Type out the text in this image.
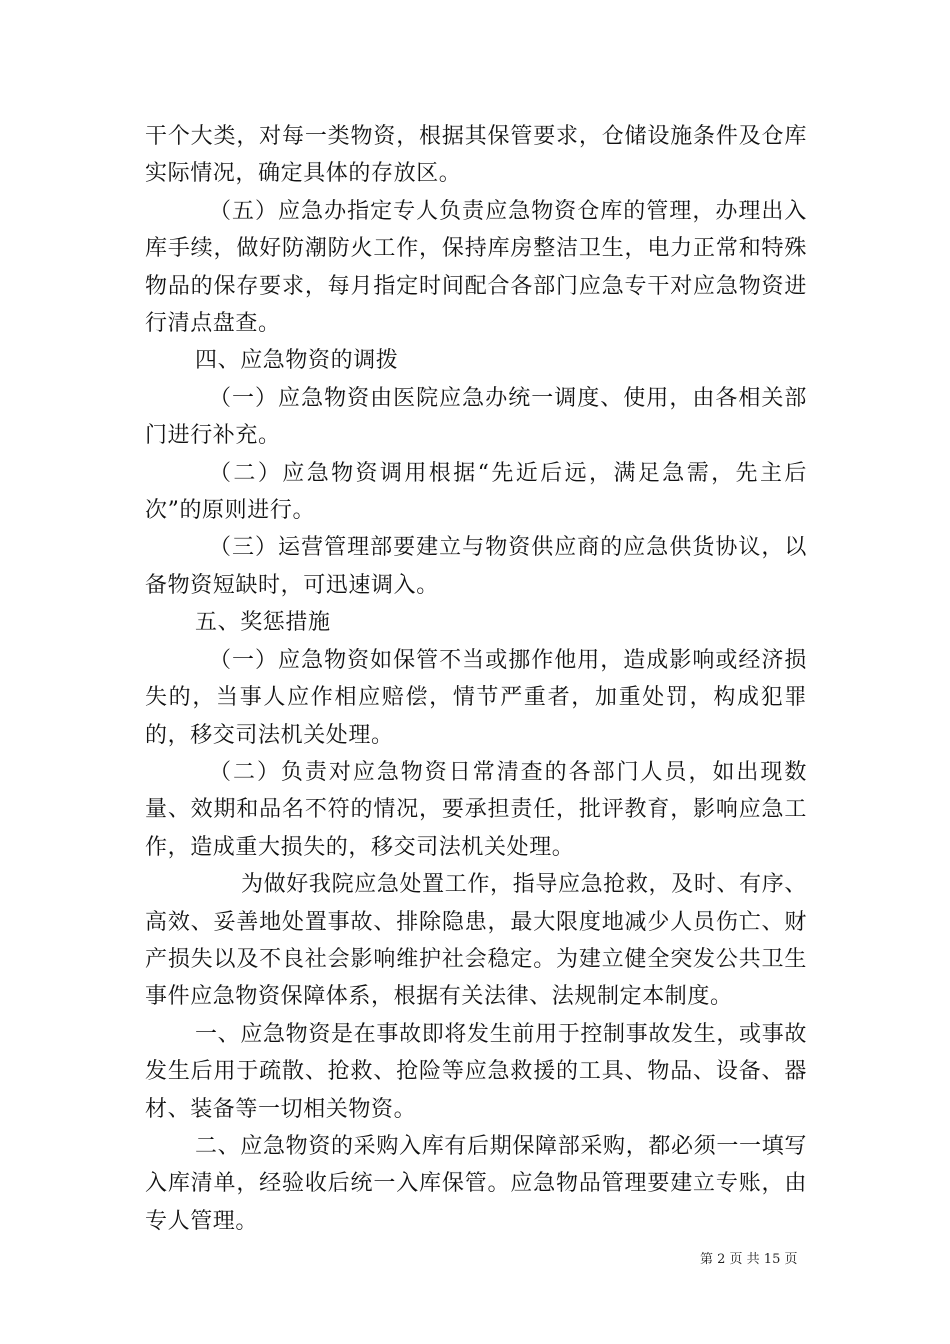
干个大类，对每一类物资，根据其保管要求，仓储设施条件及仓库实际情况，确定具体的存放区。

（五）应急办指定专人负责应急物资仓库的管理，办理出入库手续，做好防潮防火工作，保持库房整洁卫生，电力正常和特殊物品的保存要求，每月指定时间配合各部门应急专干对应急物资进行清点盘查。

四、应急物资的调拨

（一）应急物资由医院应急办统一调度、使用，由各相关部门进行补充。

（二）应急物资调用根据“先近后远，满足急需，先主后次”的原则进行。

（三）运营管理部要建立与物资供应商的应急供货协议，以备物资短缺时，可迅速调入。

五、奖惩措施

（一）应急物资如保管不当或挪作他用，造成影响或经济损失的，当事人应作相应赔偿，情节严重者，加重处罚，构成犯罪的，移交司法机关处理。

（二）负责对应急物资日常清查的各部门人员，如出现数量、效期和品名不符的情况，要承担责任，批评教育，影响应急工作，造成重大损失的，移交司法机关处理。

为做好我院应急处置工作，指导应急抢救，及时、有序、高效、妥善地处置事故、排除隐患，最大限度地减少人员伤亡、财产损失以及不良社会影响维护社会稳定。为建立健全突发公共卫生事件应急物资保障体系，根据有关法律、法规制定本制度。

一、应急物资是在事故即将发生前用于控制事故发生，或事故发生后用于疏散、抢救、抢险等应急救援的工具、物品、设备、器材、装备等一切相关物资。

二、应急物资的采购入库有后期保障部采购，都必须一一填写入库清单，经验收后统一入库保管。应急物品管理要建立专账，由专人管理。

第 2 页 共 15 页
